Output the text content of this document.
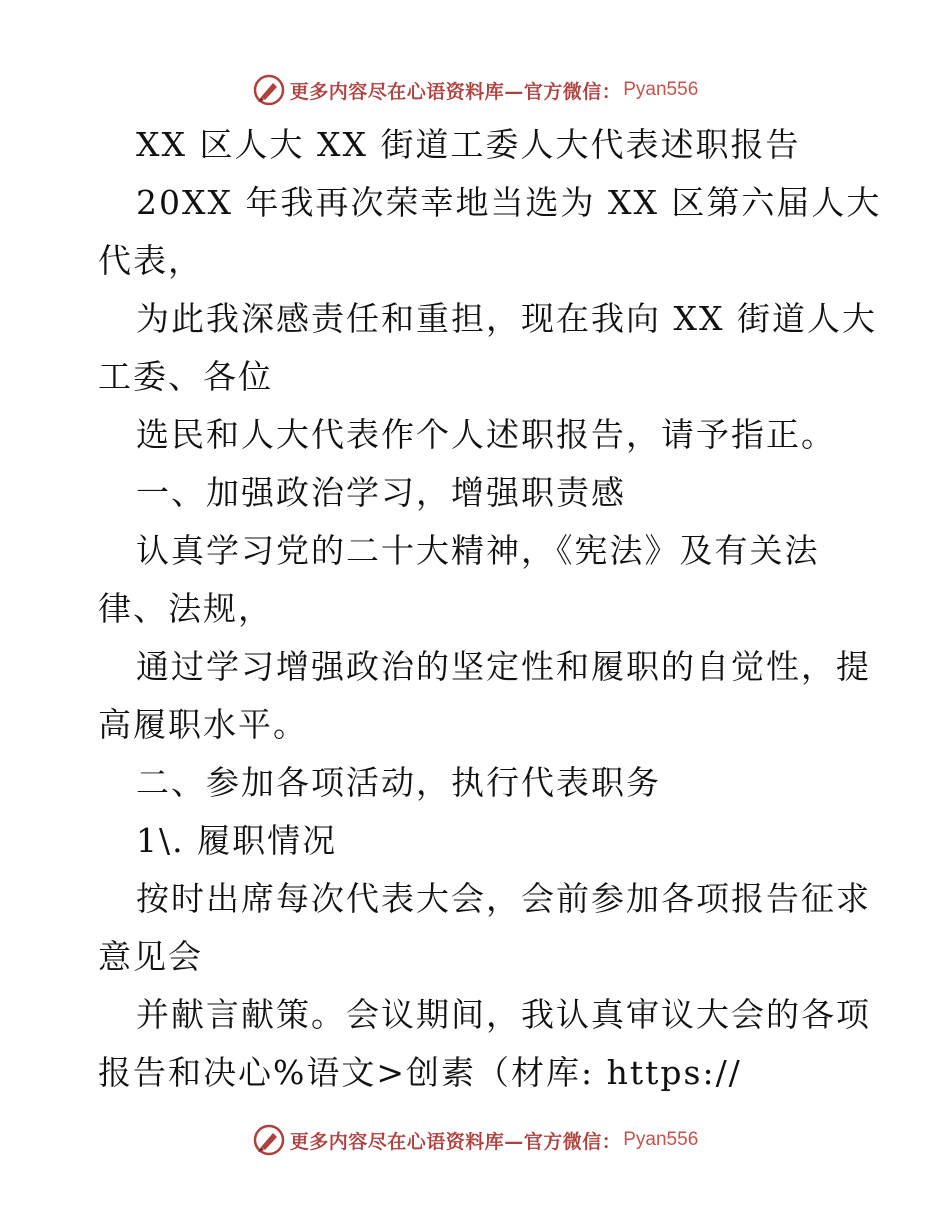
更多内容尽在心语资料库—官方微信： Pyan556
XX 区人大 XX 街道工委人大代表述职报告
20XX 年我再次荣幸地当选为 XX 区第六届人大
代表，
为此我深感责任和重担，现在我向 XX 街道人大
工委、各位
选民和人大代表作个人述职报告，请予指正。
一、加强政治学习，增强职责感
认真学习党的二十大精神，《宪法》及有关法
律、法规，
通过学习增强政治的坚定性和履职的自觉性，提
高履职水平。
二、参加各项活动，执行代表职务
1\. 履职情况
按时出席每次代表大会，会前参加各项报告征求
意见会
并献言献策。会议期间，我认真审议大会的各项
报告和决心%语文>创素（材库: https://
更多内容尽在心语资料库—官方微信： Pyan556
